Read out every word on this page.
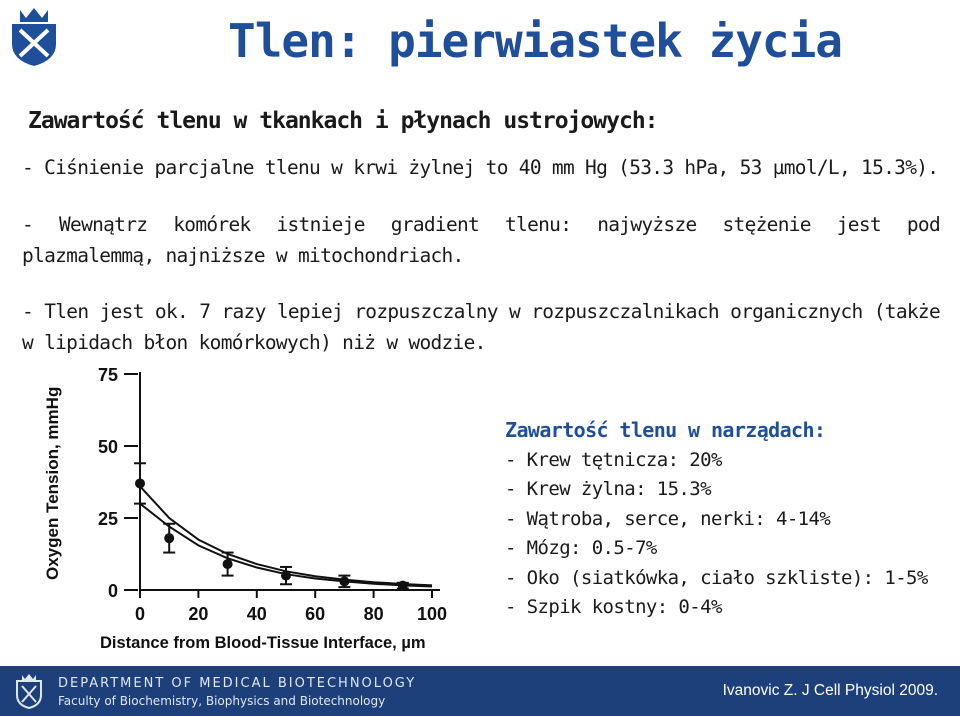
Tlen: pierwiastek życia
Zawartość tlenu w tkankach i płynach ustrojowych:
- Ciśnienie parcjalne tlenu w krwi żylnej to 40 mm Hg (53.3 hPa, 53 µmol/L, 15.3%).
- Wewnątrz komórek istnieje gradient tlenu: najwyższe stężenie jest pod
plazmalemmą, najniższe w mitochondriach.
- Tlen jest ok. 7 razy lepiej rozpuszczalny w rozpuszczalnikach organicznych (także
w lipidach błon komórkowych) niż w wodzie.
Oxygen Tension, mmHg
Distance from Blood-Tissue Interface, µm
0
25
50
75
0 20 40 60 80 100
Zawartość tlenu w narządach:
- Krew tętnicza: 20%
- Krew żylna: 15.3%
- Wątroba, serce, nerki: 4-14%
- Mózg: 0.5-7%
- Oko (siatkówka, ciało szkliste): 1-5%
- Szpik kostny: 0-4%
DEPARTMENT OF MEDICAL BIOTECHNOLOGY
Faculty of Biochemistry, Biophysics and Biotechnology
Ivanovic Z. J Cell Physiol 2009.
